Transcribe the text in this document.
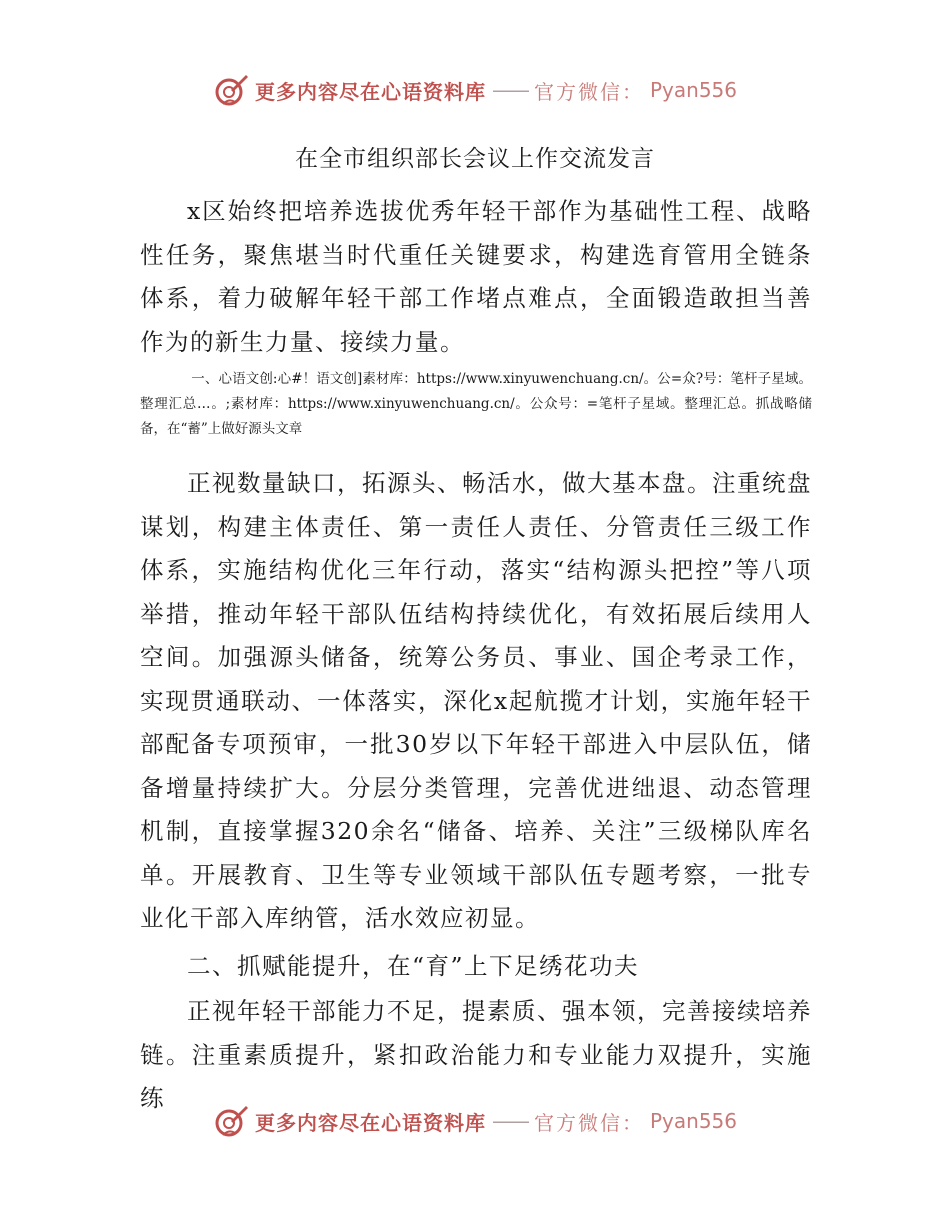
更多内容尽在心语资料库 —— 官方微信： Pyan556
在全市组织部长会议上作交流发言

x区始终把培养选拔优秀年轻干部作为基础性工程、战略性任务，聚焦堪当时代重任关键要求，构建选育管用全链条体系，着力破解年轻干部工作堵点难点，全面锻造敢担当善作为的新生力量、接续力量。

一、心语文创:心#！语文创]素材库：https://www.xinyuwenchuang.cn/。公=众?号：笔杆子星域。整理汇总…。;素材库：https://www.xinyuwenchuang.cn/。公众号：=笔杆子星域。整理汇总。抓战略储备，在“蓄”上做好源头文章

正视数量缺口，拓源头、畅活水，做大基本盘。注重统盘谋划，构建主体责任、第一责任人责任、分管责任三级工作体系，实施结构优化三年行动，落实“结构源头把控”等八项举措，推动年轻干部队伍结构持续优化，有效拓展后续用人空间。加强源头储备，统筹公务员、事业、国企考录工作，实现贯通联动、一体落实，深化x起航揽才计划，实施年轻干部配备专项预审，一批30岁以下年轻干部进入中层队伍，储备增量持续扩大。分层分类管理，完善优进绌退、动态管理机制，直接掌握320余名“储备、培养、关注”三级梯队库名单。开展教育、卫生等专业领域干部队伍专题考察，一批专业化干部入库纳管，活水效应初显。

二、抓赋能提升，在“育”上下足绣花功夫

正视年轻干部能力不足，提素质、强本领，完善接续培养链。注重素质提升，紧扣政治能力和专业能力双提升，实施练

更多内容尽在心语资料库 —— 官方微信： Pyan556
